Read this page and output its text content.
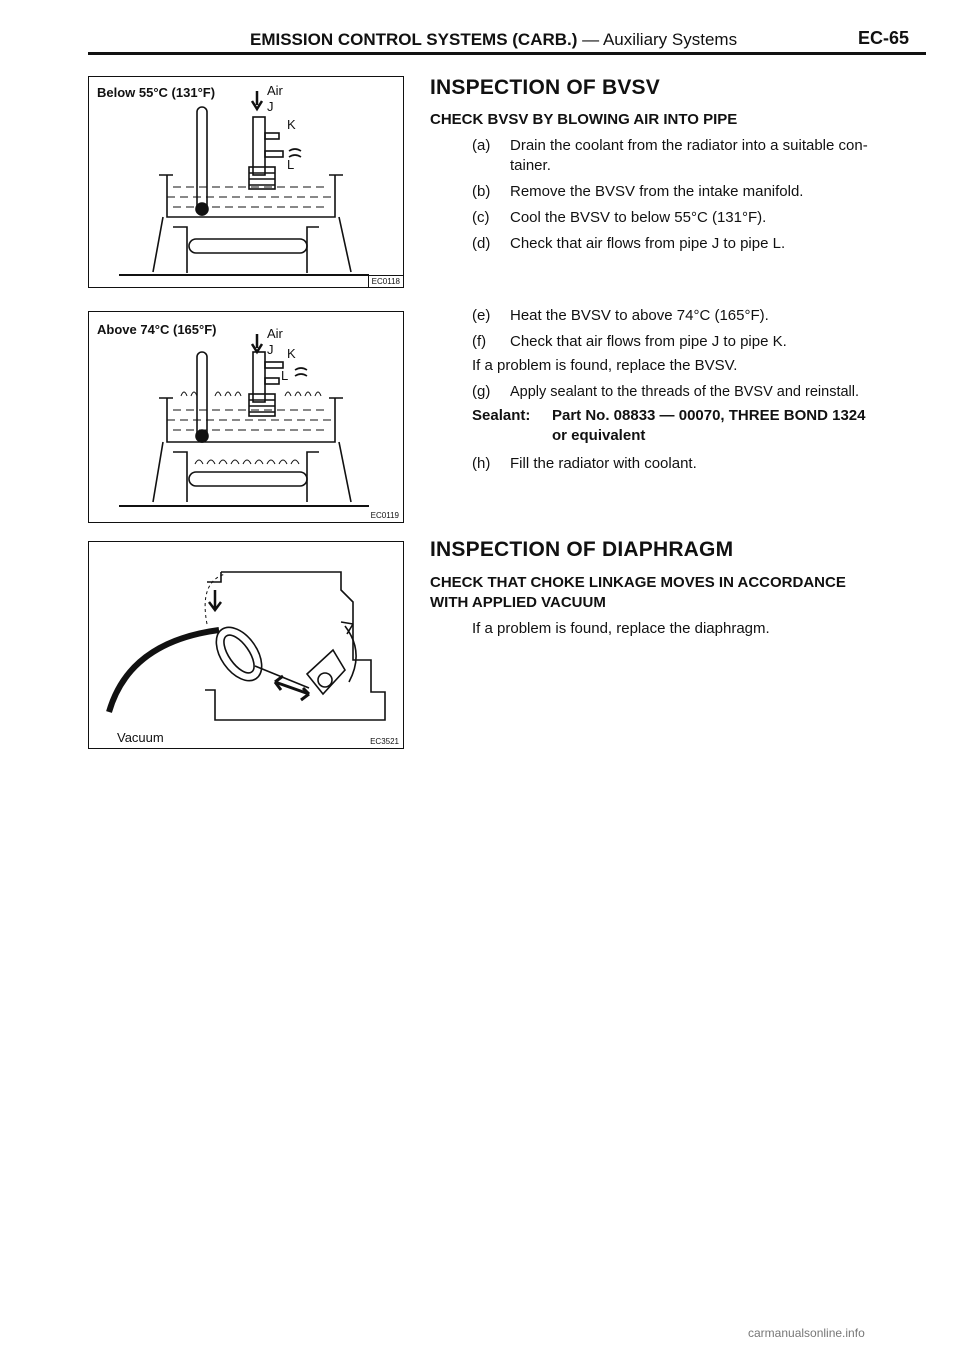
EMISSION CONTROL SYSTEMS (CARB.) — Auxiliary Systems	EC-65
Below 55°C (131°F)	Air
J
K
L
EC0118
Above 74°C (165°F)	Air
J K
L
EC0119
Vacuum	EC3521
INSPECTION OF BVSV
CHECK BVSV BY BLOWING AIR INTO PIPE
(a) Drain the coolant from the radiator into a suitable con-
tainer.
(b) Remove the BVSV from the intake manifold.
(c) Cool the BVSV to below 55°C (131°F).
(d) Check that air flows from pipe J to pipe L.
(e) Heat the BVSV to above 74°C (165°F).
(f) Check that air flows from pipe J to pipe K.
If a problem is found, replace the BVSV.
(g) Apply sealant to the threads of the BVSV and reinstall.
Sealant: Part No. 08833 — 00070, THREE BOND 1324
or equivalent
(h) Fill the radiator with coolant.
INSPECTION OF DIAPHRAGM
CHECK THAT CHOKE LINKAGE MOVES IN ACCORDANCE
WITH APPLIED VACUUM
If a problem is found, replace the diaphragm.
carmanualsonline.info
